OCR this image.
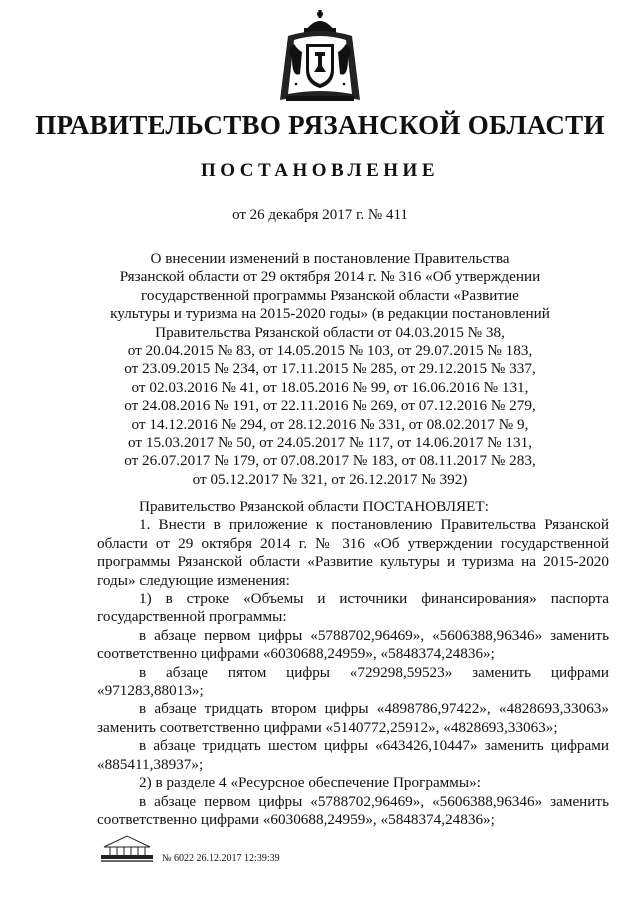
ПРАВИТЕЛЬСТВО РЯЗАНСКОЙ ОБЛАСТИ
ПОСТАНОВЛЕНИЕ
от 26 декабря 2017 г. № 411
О внесении изменений в постановление Правительства
Рязанской области от 29 октября 2014 г. № 316 «Об утверждении
государственной программы Рязанской области «Развитие
культуры и туризма на 2015-2020 годы» (в редакции постановлений
Правительства Рязанской области от 04.03.2015 № 38,
от 20.04.2015 № 83, от 14.05.2015 № 103, от 29.07.2015 № 183,
от 23.09.2015 № 234, от 17.11.2015 № 285, от 29.12.2015 № 337,
от 02.03.2016 № 41, от 18.05.2016 № 99, от 16.06.2016 № 131,
от 24.08.2016 № 191, от 22.11.2016 № 269, от 07.12.2016 № 279,
от 14.12.2016 № 294, от 28.12.2016 № 331, от 08.02.2017 № 9,
от 15.03.2017 № 50, от 24.05.2017 № 117, от 14.06.2017 № 131,
от 26.07.2017 № 179, от 07.08.2017 № 183, от 08.11.2017 № 283,
от 05.12.2017 № 321, от 26.12.2017 № 392)

Правительство Рязанской области ПОСТАНОВЛЯЕТ:

1. Внести в приложение к постановлению Правительства Рязанской области от 29 октября 2014 г. № 316 «Об утверждении государственной программы Рязанской области «Развитие культуры и туризма на 2015-2020 годы» следующие изменения:

1) в строке «Объемы и источники финансирования» паспорта государственной программы:

в абзаце первом цифры «5788702,96469», «5606388,96346» заменить соответственно цифрами «6030688,24959», «5848374,24836»;

в абзаце пятом цифры «729298,59523» заменить цифрами «971283,88013»;

в абзаце тридцать втором цифры «4898786,97422», «4828693,33063» заменить соответственно цифрами «5140772,25912», «4828693,33063»;

в абзаце тридцать шестом цифры «643426,10447» заменить цифрами «885411,38937»;

2) в разделе 4 «Ресурсное обеспечение Программы»:

в абзаце первом цифры «5788702,96469», «5606388,96346» заменить соответственно цифрами «6030688,24959», «5848374,24836»;

№ 6022 26.12.2017 12:39:39
